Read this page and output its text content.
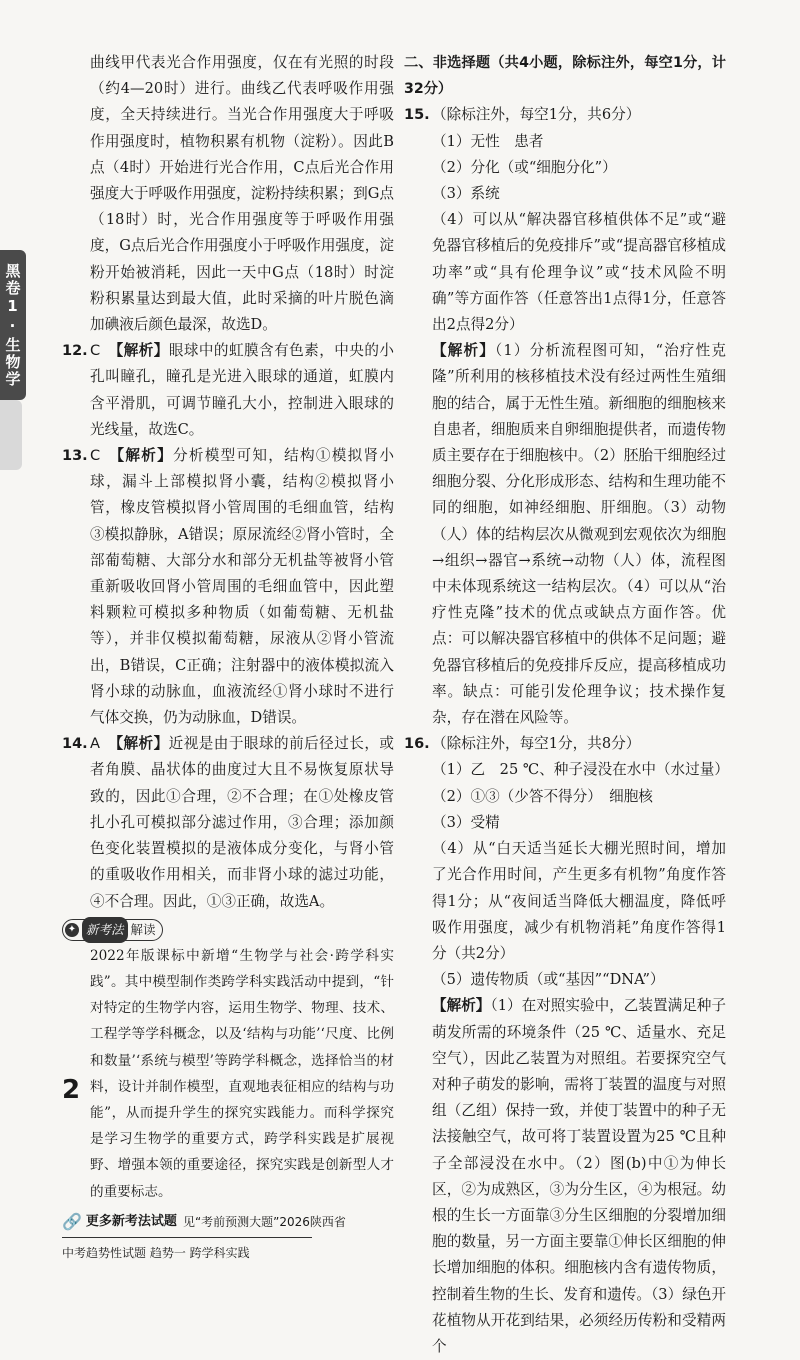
黑卷1·生物学

曲线甲代表光合作用强度，仅在有光照的时段（约4—20时）进行。曲线乙代表呼吸作用强度，全天持续进行。当光合作用强度大于呼吸作用强度时，植物积累有机物（淀粉）。因此B点（4时）开始进行光合作用，C点后光合作用强度大于呼吸作用强度，淀粉持续积累；到G点（18时）时，光合作用强度等于呼吸作用强度，G点后光合作用强度小于呼吸作用强度，淀粉开始被消耗，因此一天中G点（18时）时淀粉积累量达到最大值，此时采摘的叶片脱色滴加碘液后颜色最深，故选D。

12. C 【解析】眼球中的虹膜含有色素，中央的小孔叫瞳孔，瞳孔是光进入眼球的通道，虹膜内含平滑肌，可调节瞳孔大小，控制进入眼球的光线量，故选C。

13. C 【解析】分析模型可知，结构①模拟肾小球，漏斗上部模拟肾小囊，结构②模拟肾小管，橡皮管模拟肾小管周围的毛细血管，结构③模拟静脉，A错误；原尿流经②肾小管时，全部葡萄糖、大部分水和部分无机盐等被肾小管重新吸收回肾小管周围的毛细血管中，因此塑料颗粒可模拟多种物质（如葡萄糖、无机盐等），并非仅模拟葡萄糖，尿液从②肾小管流出，B错误，C正确；注射器中的液体模拟流入肾小球的动脉血，血液流经①肾小球时不进行气体交换，仍为动脉血，D错误。

14. A 【解析】近视是由于眼球的前后径过长，或者角膜、晶状体的曲度过大且不易恢复原状导致的，因此①合理，②不合理；在①处橡皮管扎小孔可模拟部分滤过作用，③合理；添加颜色变化装置模拟的是液体成分变化，与肾小管的重吸收作用相关，而非肾小球的滤过功能，④不合理。因此，①③正确，故选A。

✦ 新考法 解读

2022年版课标中新增“生物学与社会·跨学科实践”。其中模型制作类跨学科实践活动中提到，“针对特定的生物学内容，运用生物学、物理、技术、工程学等学科概念，以及‘结构与功能’‘尺度、比例和数量’‘系统与模型’等跨学科概念，选择恰当的材料，设计并制作模型，直观地表征相应的结构与功能”，从而提升学生的探究实践能力。而科学探究是学习生物学的重要方式，跨学科实践是扩展视野、增强本领的重要途径，探究实践是创新型人才的重要标志。

🔗 更多新考法试题 见“考前预测大题”2026陕西省
中考趋势性试题 趋势一 跨学科实践

二、非选择题（共4小题，除标注外，每空1分，计32分）

15. （除标注外，每空1分，共6分）

（1）无性　患者

（2）分化（或“细胞分化”）

（3）系统

（4）可以从“解决器官移植供体不足”或“避免器官移植后的免疫排斥”或“提高器官移植成功率”或“具有伦理争议”或“技术风险不明确”等方面作答（任意答出1点得1分，任意答出2点得2分）

【解析】（1）分析流程图可知，“治疗性克隆”所利用的核移植技术没有经过两性生殖细胞的结合，属于无性生殖。新细胞的细胞核来自患者，细胞质来自卵细胞提供者，而遗传物质主要存在于细胞核中。（2）胚胎干细胞经过细胞分裂、分化形成形态、结构和生理功能不同的细胞，如神经细胞、肝细胞。（3）动物（人）体的结构层次从微观到宏观依次为细胞→组织→器官→系统→动物（人）体，流程图中未体现系统这一结构层次。（4）可以从“治疗性克隆”技术的优点或缺点方面作答。优点：可以解决器官移植中的供体不足问题；避免器官移植后的免疫排斥反应，提高移植成功率。缺点：可能引发伦理争议；技术操作复杂，存在潜在风险等。

16. （除标注外，每空1分，共8分）

（1）乙　25 ℃、种子浸没在水中（水过量）

（2）①③（少答不得分）　细胞核

（3）受精

（4）从“白天适当延长大棚光照时间，增加了光合作用时间，产生更多有机物”角度作答得1分；从“夜间适当降低大棚温度，降低呼吸作用强度，减少有机物消耗”角度作答得1分（共2分）

（5）遗传物质（或“基因”“DNA”）

【解析】（1）在对照实验中，乙装置满足种子萌发所需的环境条件（25 ℃、适量水、充足空气），因此乙装置为对照组。若要探究空气对种子萌发的影响，需将丁装置的温度与对照组（乙组）保持一致，并使丁装置中的种子无法接触空气，故可将丁装置设置为25 ℃且种子全部浸没在水中。（2）图(b)中①为伸长区，②为成熟区，③为分生区，④为根冠。幼根的生长一方面靠③分生区细胞的分裂增加细胞的数量，另一方面主要靠①伸长区细胞的伸长增加细胞的体积。细胞核内含有遗传物质，控制着生物的生长、发育和遗传。（3）绿色开花植物从开花到结果，必须经历传粉和受精两个

2
